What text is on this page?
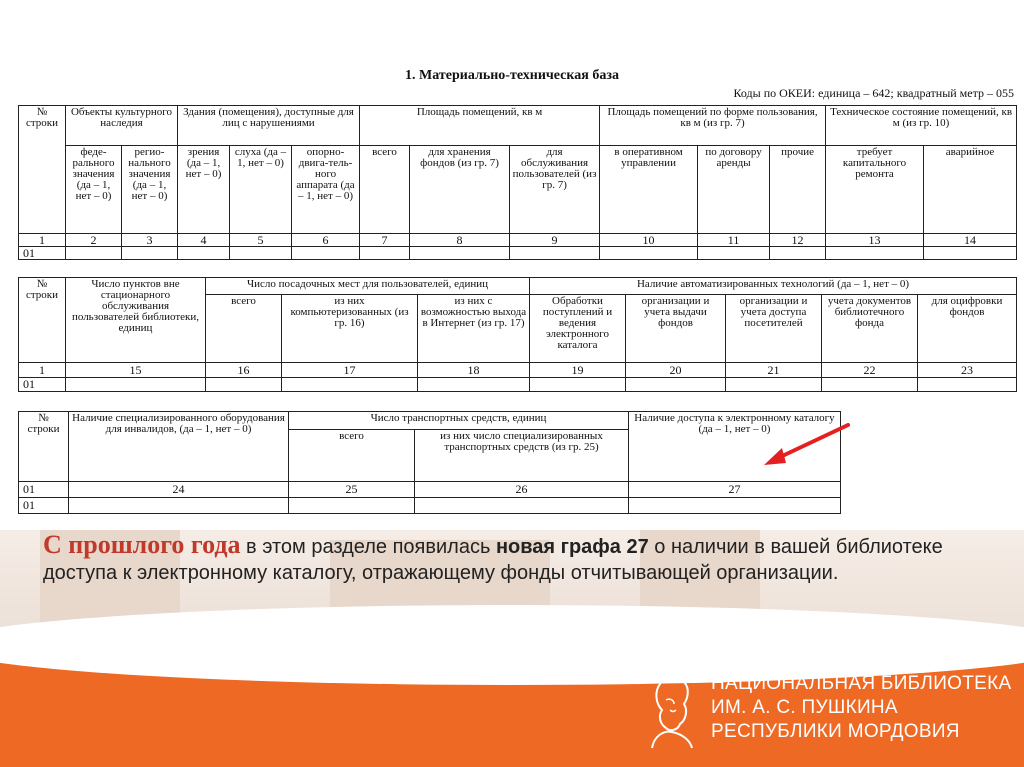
1. Материально-техническая база
Коды по ОКЕИ: единица – 642; квадратный метр – 055
№ строки	Объекты культурного наследия		Здания (помещения), доступные для лиц с нарушениями			Площадь помещений, кв м			Площадь помещений по форме пользования, кв м (из гр. 7)			Техническое состояние помещений, кв м (из гр. 10)	
	феде-рального значения (да – 1, нет – 0)	регио-нального значения (да – 1, нет – 0)	зрения (да – 1, нет – 0)	слуха (да – 1, нет – 0)	опорно-двига-тель-ного аппарата (да – 1, нет – 0)	всего	для хранения фондов (из гр. 7)	для обслуживания пользователей (из гр. 7)	в оперативном управлении	по договору аренды	прочие	требует капитального ремонта	аварийное
1	2	3	4	5	6	7	8	9	10	11	12	13	14
01													
№ строки	Число пунктов вне стационарного обслуживания пользователей библиотеки, единиц	Число посадочных мест для пользователей, единиц			Наличие автоматизированных технологий (да – 1, нет – 0)				
		всего	из них компьютеризованных (из гр. 16)	из них с возможностью выхода в Интернет (из гр. 17)	Обработки поступлений и ведения электронного каталога	организации и учета выдачи фондов	организации и учета доступа посетителей	учета документов библиотечного фонда	для оцифровки фондов
1	15	16	17	18	19	20	21	22	23
01									
№ строки	Наличие специализированного оборудования для инвалидов, (да – 1, нет – 0)	Число транспортных средств, единиц		Наличие доступа к электронному каталогу (да – 1, нет – 0)
		всего	из них число специализированных транспортных средств (из гр. 25)	
01	24	25	26	27
01				
С прошлого года в этом разделе появилась новая графа 27 о наличии в вашей библиотеке доступа к электронному каталогу, отражающему фонды отчитывающей организации.
НАЦИОНАЛЬНАЯ БИБЛИОТЕКА
ИМ. А. С. ПУШКИНА
РЕСПУБЛИКИ МОРДОВИЯ
